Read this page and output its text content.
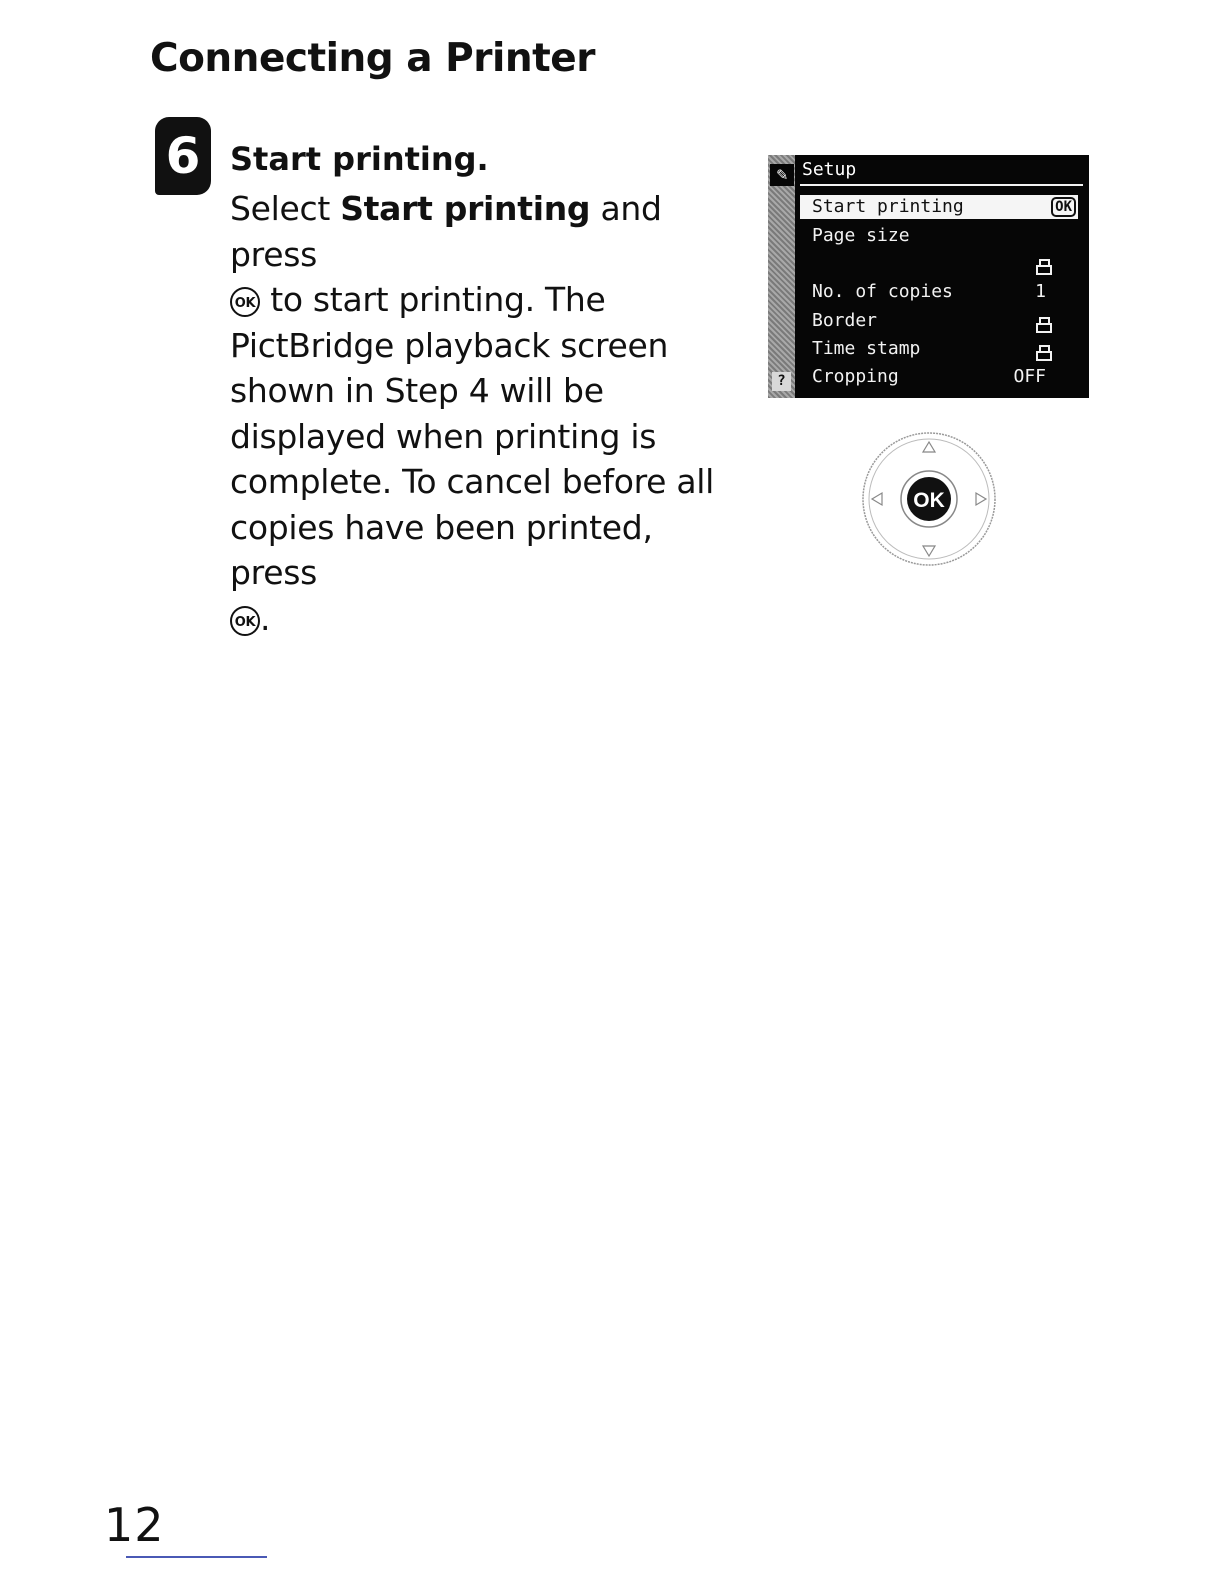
Connecting a Printer
6 Start printing.
Select Start printing and press
OK to start printing. The PictBridge playback screen shown in Step 4 will be displayed when printing is complete. To cancel before all copies have been printed, press
OK .
✎
?
Setup
Start printing	OK
Page size
No. of copies	1
Border
Time stamp
Cropping	OFF
OK
12
